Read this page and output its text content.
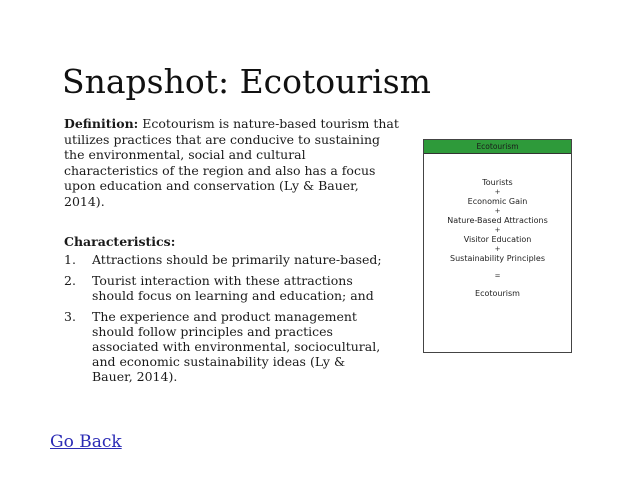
Snapshot: Ecotourism
Definition: Ecotourism is nature-based tourism that utilizes practices that are conducive to sustaining the environmental, social and cultural characteristics of the region and also has a focus upon education and conservation (Ly & Bauer, 2014).
Characteristics:
1. Attractions should be primarily nature-based;
2. Tourist interaction with these attractions should focus on learning and education; and
3. The experience and product management should follow principles and practices associated with environmental, sociocultural, and economic sustainability ideas (Ly & Bauer, 2014).
Ecotourism
Tourists
+
Economic Gain
+
Nature-Based Attractions
+
Visitor Education
+
Sustainability Principles
=
Ecotourism
Go Back
